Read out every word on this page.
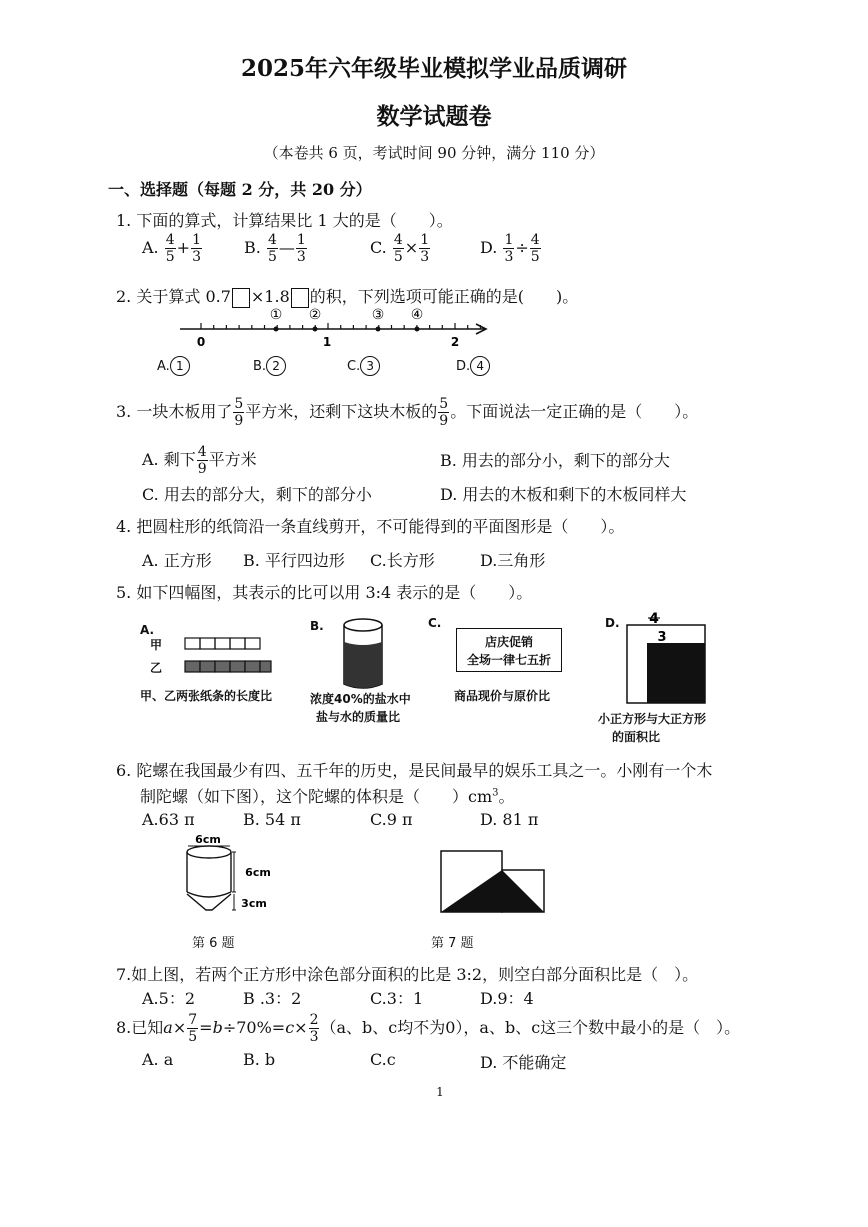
2025年六年级毕业模拟学业品质调研
数学试题卷
（本卷共 6 页，考试时间 90 分钟，满分 110 分）
一、选择题（每题 2 分，共 20 分）
1. 下面的算式，计算结果比 1 大的是（　　）。
A. $\frac{4}{5} + \frac{1}{3}$	B. $\frac{4}{5}$ — $\frac{1}{3}$	C. $\frac{4}{5} \times \frac{1}{3}$	D. $\frac{1}{3} \div \frac{4}{5}$
2. 关于算式 0.7 ×1.8 的积，下列选项可能正确的是(　　)。
① ②	③ ④
0	1	2
A. 1	B. 2	C. 3	D. 4
3. 一块木板用了 $\frac{5}{9}$ 平方米，还剩下这块木板的 $\frac{5}{9}$ 。下面说法一定正确的是（　　）。
A. 剩下 $\frac{4}{9}$ 平方米	B. 用去的部分小，剩下的部分大
C. 用去的部分大，剩下的部分小	D. 用去的木板和剩下的木板同样大
4. 把圆柱形的纸筒沿一条直线剪开，不可能得到的平面图形是（　　）。
A. 正方形 B. 平行四边形 C.长方形	D.三角形
5. 如下四幅图，其表示的比可以用 3:4 表示的是（　　）。
A.
甲
乙
甲、乙两张纸条的长度比
B.
浓度40%的盐水中
盐与水的质量比
C.
店庆促销
全场一律七五折
商品现价与原价比
D. 4
3
小正方形与大正方形
的面积比
6. 陀螺在我国最少有四、五千年的历史，是民间最早的娱乐工具之一。小刚有一个木
制陀螺（如下图），这个陀螺的体积是（　　）$cm^3$。
A.63 π	B. 54 π	C.9 π	D. 81 π
6cm
6cm
3cm
第 6 题	第 7 题
7.如上图，若两个正方形中涂色部分面积的比是 3:2，则空白部分面积比是（　）。
A.5：2	B .3：2	C.3：1	D.9：4
8.已知$a\times \frac{7}{5} =b\div 70\%=c\times \frac{2}{3} (a$、b、c均不为0），a、b、c这三个数中最小的是（　）。
A. a	B. b	C.c	D. 不能确定
1
